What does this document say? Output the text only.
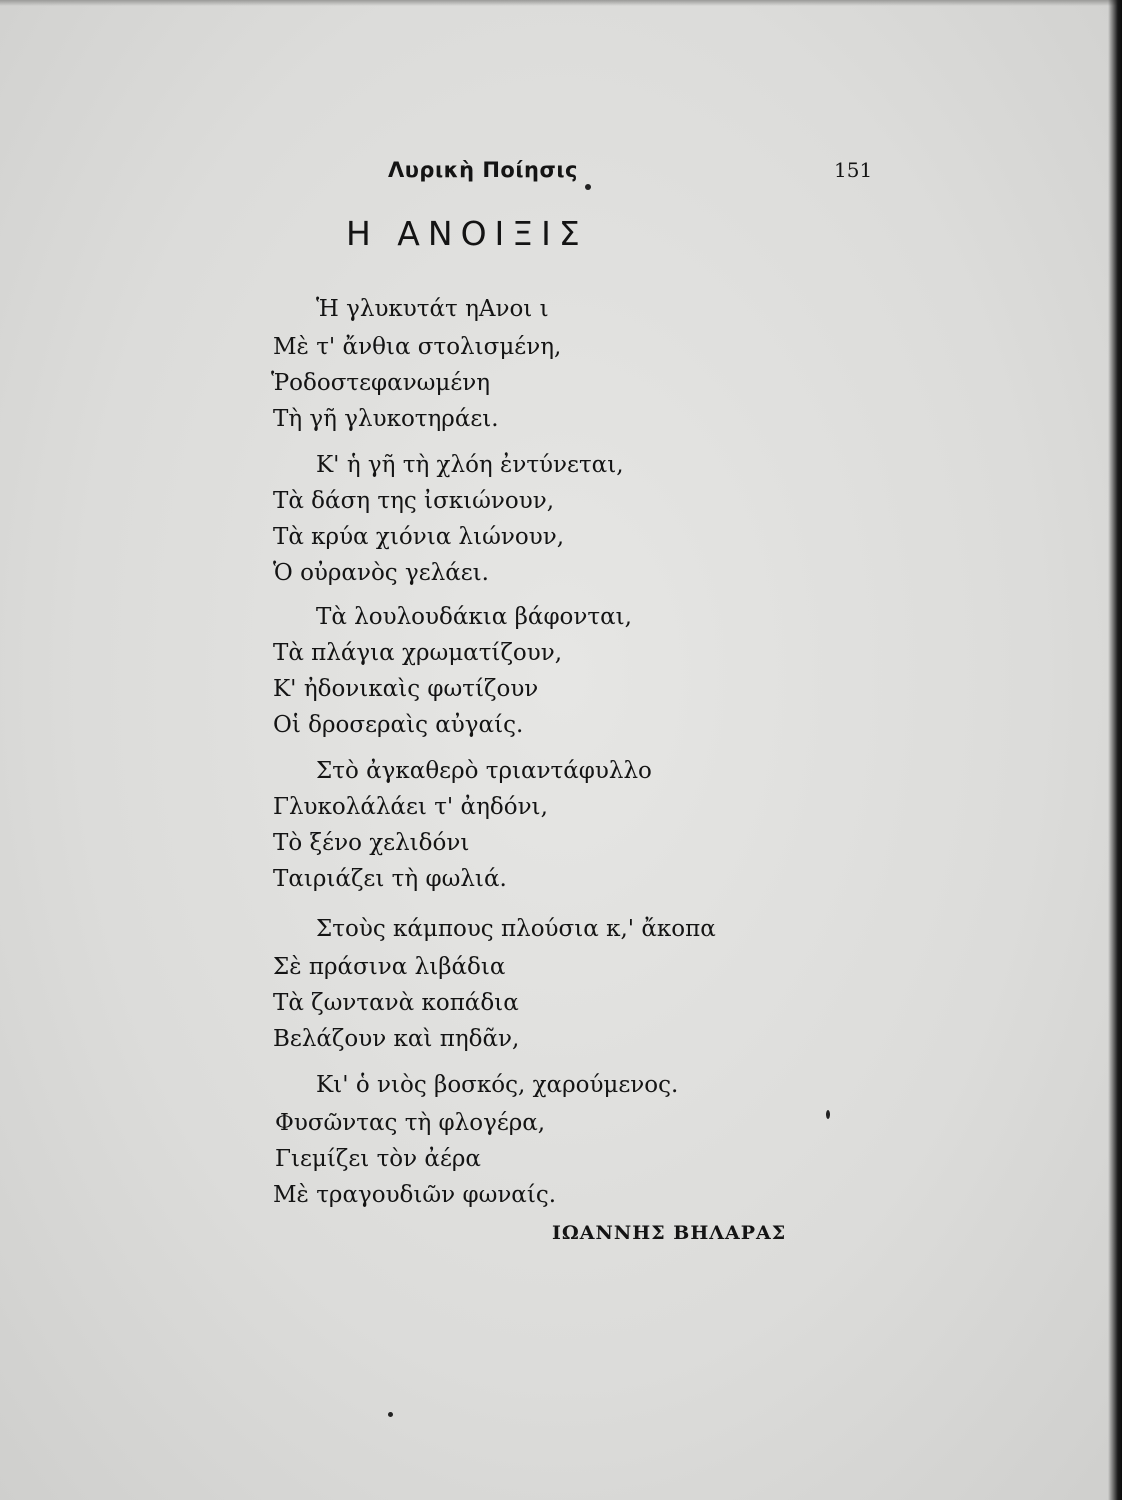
Λυρικὴ Ποίησις	151
Η ΑΝΟΙΞΙΣ
Ἡ γλυκυτάτ ηΑνοι ι
Μὲ τ' ἄνθια στολισμένη,
Ῥοδοστεφανωμένη
Τὴ γῆ γλυκοτηράει.
Κ' ἡ γῆ τὴ χλόη ἐντύνεται,
Τὰ δάση της ἰσκιώνουν,
Τὰ κρύα χιόνια λιώνουν,
Ὁ οὐρανὸς γελάει.
Τὰ λουλουδάκια βάφονται,
Τὰ πλάγια χρωματίζουν,
Κ' ἠδονικαὶς φωτίζουν
Οἱ δροσεραὶς αὐγαίς.
Στὸ ἀγκαθερὸ τριαντάφυλλο
Γλυκολάλάει τ' ἀηδόνι,
Τὸ ξένο χελιδόνι
Ταιριάζει τὴ φωλιά.
Στοὺς κάμπους πλούσια κ,' ἄκοπα
Σὲ πράσινα λιβάδια
Τὰ ζωντανὰ κοπάδια
Βελάζουν καὶ πηδᾶν,
Κι' ὁ νιὸς βοσκός, χαρούμενος.
Φυσῶντας τὴ φλογέρα,
Γιεμίζει τὸν ἀέρα
Μὲ τραγουδιῶν φωναίς.
ΙΩΑΝΝΗΣ ΒΗΛΑΡΑΣ
